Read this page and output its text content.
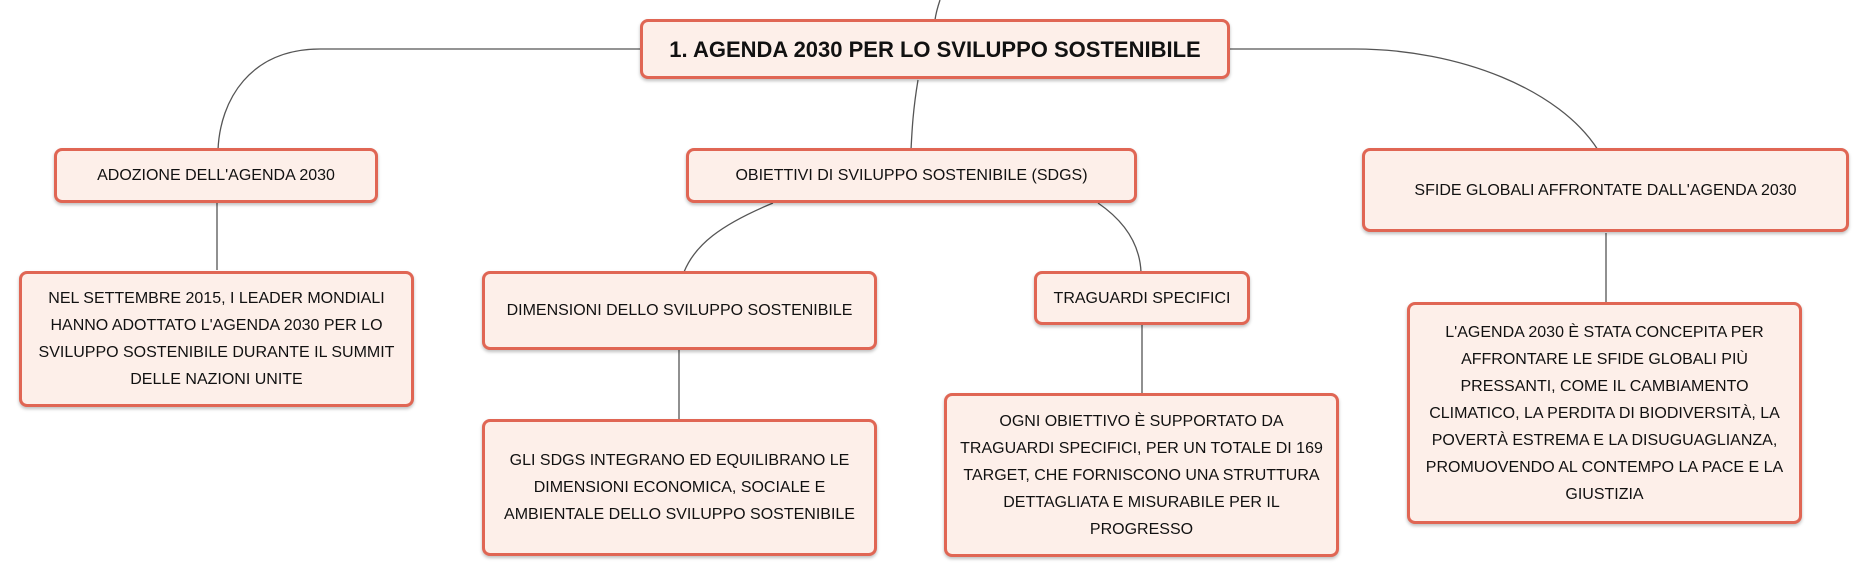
1. AGENDA 2030 PER LO SVILUPPO SOSTENIBILE
ADOZIONE DELL'AGENDA 2030	OBIETTIVI DI SVILUPPO SOSTENIBILE (SDGS)
SFIDE GLOBALI AFFRONTATE DALL'AGENDA 2030
NEL SETTEMBRE 2015, I LEADER MONDIALI HANNO ADOTTATO L'AGENDA 2030 PER LO SVILUPPO SOSTENIBILE DURANTE IL SUMMIT DELLE NAZIONI UNITE
DIMENSIONI DELLO SVILUPPO SOSTENIBILE
TRAGUARDI SPECIFICI
GLI SDGS INTEGRANO ED EQUILIBRANO LE DIMENSIONI ECONOMICA, SOCIALE E AMBIENTALE DELLO SVILUPPO SOSTENIBILE
OGNI OBIETTIVO È SUPPORTATO DA TRAGUARDI SPECIFICI, PER UN TOTALE DI 169 TARGET, CHE FORNISCONO UNA STRUTTURA DETTAGLIATA E MISURABILE PER IL PROGRESSO
L'AGENDA 2030 È STATA CONCEPITA PER AFFRONTARE LE SFIDE GLOBALI PIÙ PRESSANTI, COME IL CAMBIAMENTO CLIMATICO, LA PERDITA DI BIODIVERSITÀ, LA POVERTÀ ESTREMA E LA DISUGUAGLIANZA, PROMUOVENDO AL CONTEMPO LA PACE E LA GIUSTIZIA
